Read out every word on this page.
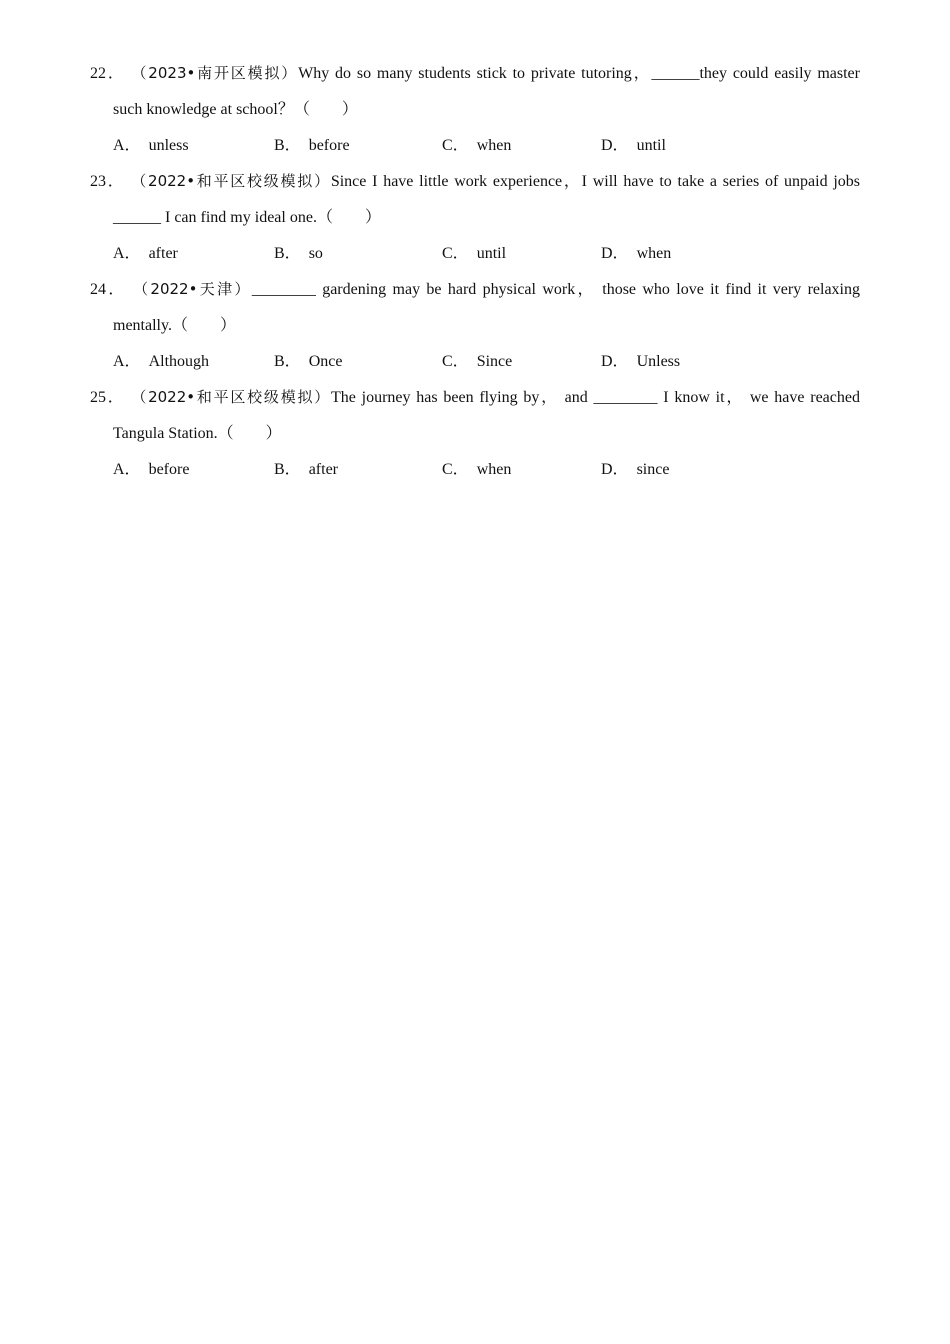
22． （2023•南开区模拟）Why do so many students stick to private tutoring，______they could easily master
such knowledge at school？（　　）
A． unless	B． before	C． when	D． until
23． （2022•和平区校级模拟）Since I have little work experience，I will have to take a series of unpaid jobs
______ I can find my ideal one.（　　）
A． after	B． so	C． until	D． when
24． （2022•天津）________ gardening may be hard physical work， those who love it find it very relaxing
mentally.（　　）
A． Although	B． Once	C． Since	D． Unless
25． （2022•和平区校级模拟）The journey has been flying by， and ________ I know it， we have reached
Tangula Station.（　　）
A． before	B． after	C． when	D． since
